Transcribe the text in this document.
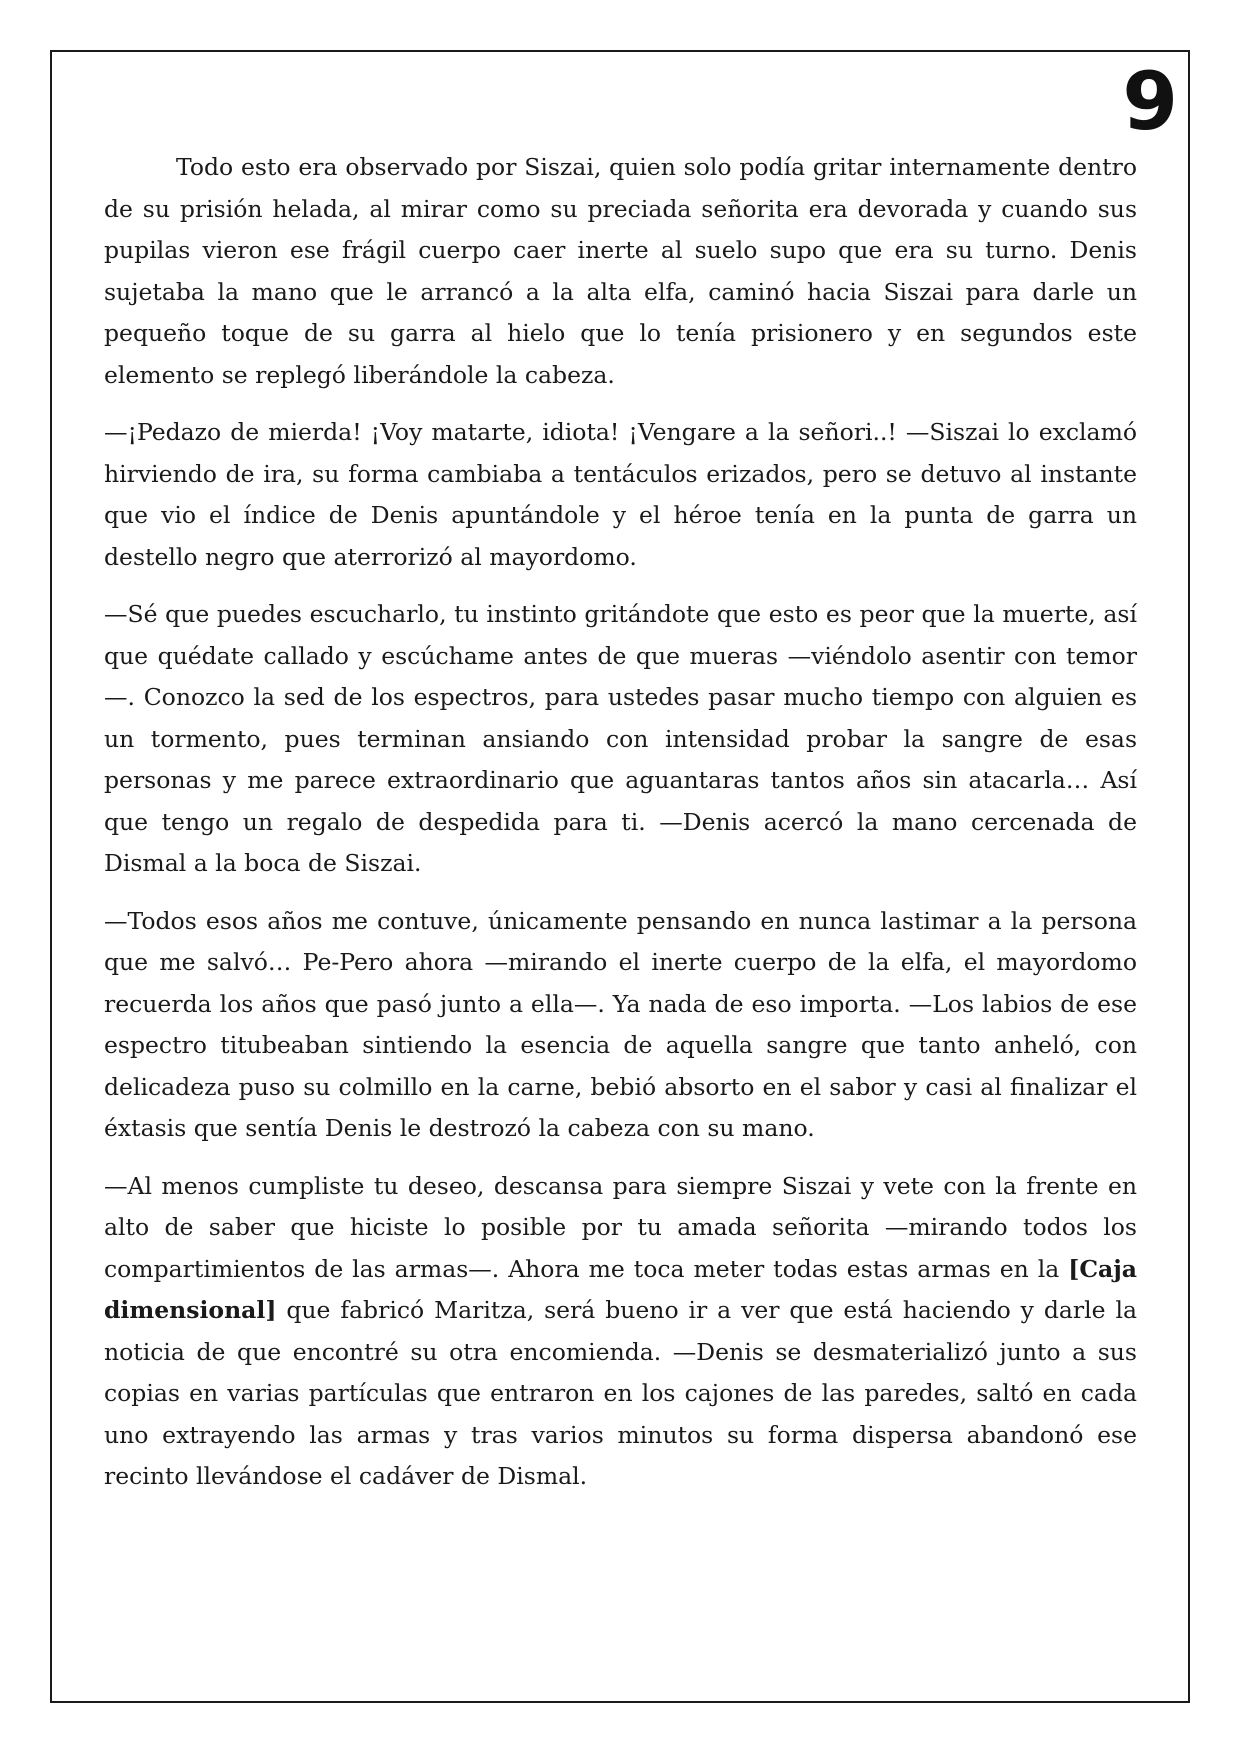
9

Todo esto era observado por Siszai, quien solo podía gritar internamente dentro de su prisión helada, al mirar como su preciada señorita era devorada y cuando sus pupilas vieron ese frágil cuerpo caer inerte al suelo supo que era su turno. Denis sujetaba la mano que le arrancó a la alta elfa, caminó hacia Siszai para darle un pequeño toque de su garra al hielo que lo tenía prisionero y en segundos este elemento se replegó liberándole la cabeza.

—¡Pedazo de mierda! ¡Voy matarte, idiota! ¡Vengare a la señori..! —Siszai lo exclamó hirviendo de ira, su forma cambiaba a tentáculos erizados, pero se detuvo al instante que vio el índice de Denis apuntándole y el héroe tenía en la punta de garra un destello negro que aterrorizó al mayordomo.

—Sé que puedes escucharlo, tu instinto gritándote que esto es peor que la muerte, así que quédate callado y escúchame antes de que mueras —viéndolo asentir con temor—. Conozco la sed de los espectros, para ustedes pasar mucho tiempo con alguien es un tormento, pues terminan ansiando con intensidad probar la sangre de esas personas y me parece extraordinario que aguantaras tantos años sin atacarla… Así que tengo un regalo de despedida para ti. —Denis acercó la mano cercenada de Dismal a la boca de Siszai.

—Todos esos años me contuve, únicamente pensando en nunca lastimar a la persona que me salvó… Pe-Pero ahora —mirando el inerte cuerpo de la elfa, el mayordomo recuerda los años que pasó junto a ella—. Ya nada de eso importa. —Los labios de ese espectro titubeaban sintiendo la esencia de aquella sangre que tanto anheló, con delicadeza puso su colmillo en la carne, bebió absorto en el sabor y casi al finalizar el éxtasis que sentía Denis le destrozó la cabeza con su mano.

—Al menos cumpliste tu deseo, descansa para siempre Siszai y vete con la frente en alto de saber que hiciste lo posible por tu amada señorita —mirando todos los compartimientos de las armas—. Ahora me toca meter todas estas armas en la [Caja dimensional] que fabricó Maritza, será bueno ir a ver que está haciendo y darle la noticia de que encontré su otra encomienda. —Denis se desmaterializó junto a sus copias en varias partículas que entraron en los cajones de las paredes, saltó en cada uno extrayendo las armas y tras varios minutos su forma dispersa abandonó ese recinto llevándose el cadáver de Dismal.
